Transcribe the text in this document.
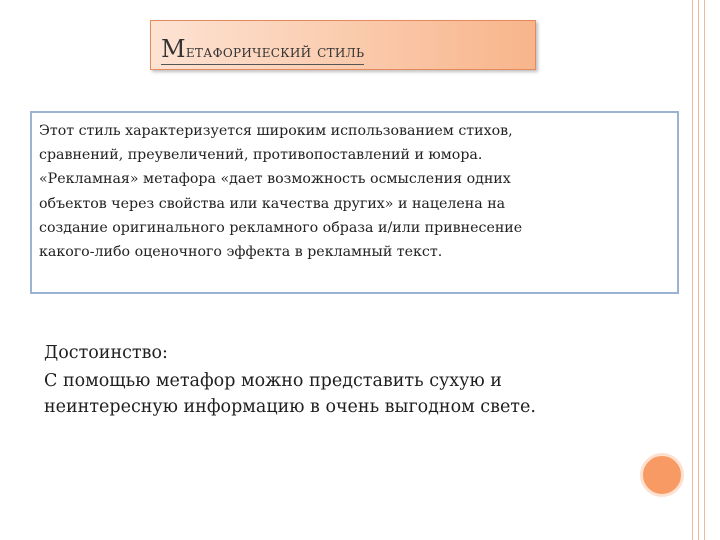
Метафорический стиль
Этот стиль характеризуется широким использованием стихов,
сравнений, преувеличений, противопоставлений и юмора.
«Рекламная» метафора «дает возможность осмысления одних
объектов через свойства или качества других» и нацелена на
создание оригинального рекламного образа и/или привнесение
какого-либо оценочного эффекта в рекламный текст.
Достоинство:
С помощью метафор можно представить сухую и
неинтересную информацию в очень выгодном свете.
